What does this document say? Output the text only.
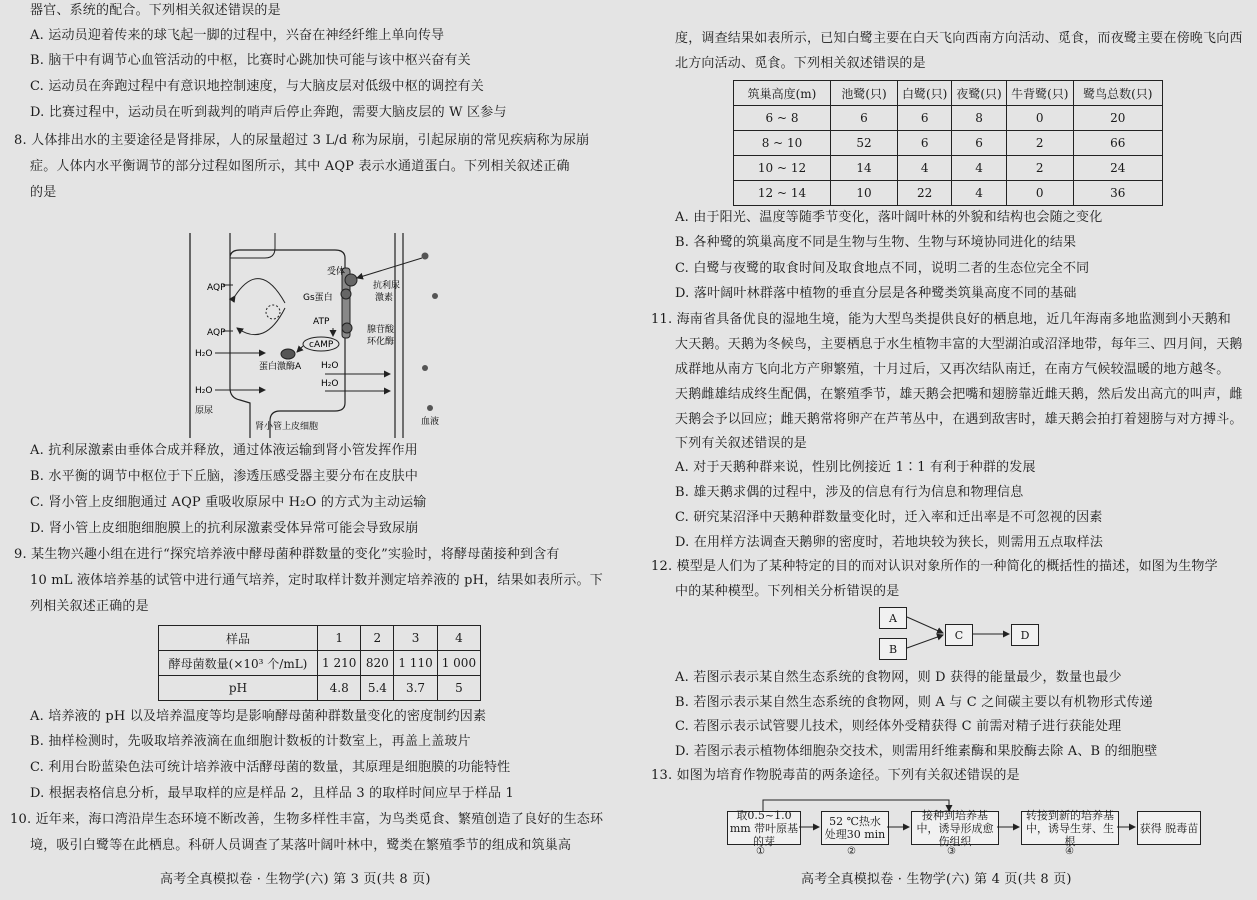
器官、系统的配合。下列相关叙述错误的是
A. 运动员迎着传来的球飞起一脚的过程中，兴奋在神经纤维上单向传导
B. 脑干中有调节心血管活动的中枢，比赛时心跳加快可能与该中枢兴奋有关
C. 运动员在奔跑过程中有意识地控制速度，与大脑皮层对低级中枢的调控有关
D. 比赛过程中，运动员在听到裁判的哨声后停止奔跑，需要大脑皮层的 W 区参与
8. 人体排出水的主要途径是肾排尿，人的尿量超过 3 L/d 称为尿崩，引起尿崩的常见疾病称为尿崩
症。人体内水平衡调节的部分过程如图所示，其中 AQP 表示水通道蛋白。下列相关叙述正确
的是
AQP
AQP
H₂O
H₂O
原尿
H₂O
H₂O
蛋白激酶A
cAMP
受体
Gs蛋白
ATP
腺苷酸
环化酶
抗利尿
激素
血液
肾小管上皮细胞
A. 抗利尿激素由垂体合成并释放，通过体液运输到肾小管发挥作用
B. 水平衡的调节中枢位于下丘脑，渗透压感受器主要分布在皮肤中
C. 肾小管上皮细胞通过 AQP 重吸收原尿中 H₂O 的方式为主动运输
D. 肾小管上皮细胞细胞膜上的抗利尿激素受体异常可能会导致尿崩
9. 某生物兴趣小组在进行“探究培养液中酵母菌种群数量的变化”实验时，将酵母菌接种到含有
10 mL 液体培养基的试管中进行通气培养，定时取样计数并测定培养液的 pH，结果如表所示。下
列相关叙述正确的是
样品	1	2	3	4
酵母菌数量(×10³ 个/mL)	1 210	820	1 110	1 000
pH	4.8	5.4	3.7	5
A. 培养液的 pH 以及培养温度等均是影响酵母菌种群数量变化的密度制约因素
B. 抽样检测时，先吸取培养液滴在血细胞计数板的计数室上，再盖上盖玻片
C. 利用台盼蓝染色法可统计培养液中活酵母菌的数量，其原理是细胞膜的功能特性
D. 根据表格信息分析，最早取样的应是样品 2，且样品 3 的取样时间应早于样品 1
10. 近年来，海口湾沿岸生态环境不断改善，生物多样性丰富，为鸟类觅食、繁殖创造了良好的生态环
境，吸引白鹭等在此栖息。科研人员调查了某落叶阔叶林中，鹭类在繁殖季节的组成和筑巢高
高考全真模拟卷 · 生物学(六) 第 3 页(共 8 页)
度，调查结果如表所示，已知白鹭主要在白天飞向西南方向活动、觅食，而夜鹭主要在傍晚飞向西
北方向活动、觅食。下列相关叙述错误的是
筑巢高度(m)	池鹭(只)	白鹭(只)	夜鹭(只)	牛背鹭(只)	鹭鸟总数(只)
6 ~ 8	6	6	8	0	20
8 ~ 10	52	6	6	2	66
10 ~ 12	14	4	4	2	24
12 ~ 14	10	22	4	0	36
A. 由于阳光、温度等随季节变化，落叶阔叶林的外貌和结构也会随之变化
B. 各种鹭的筑巢高度不同是生物与生物、生物与环境协同进化的结果
C. 白鹭与夜鹭的取食时间及取食地点不同，说明二者的生态位完全不同
D. 落叶阔叶林群落中植物的垂直分层是各种鹭类筑巢高度不同的基础
11. 海南省具备优良的湿地生境，能为大型鸟类提供良好的栖息地，近几年海南多地监测到小天鹅和
大天鹅。天鹅为冬候鸟，主要栖息于水生植物丰富的大型湖泊或沼泽地带，每年三、四月间，天鹅
成群地从南方飞向北方产卵繁殖，十月过后，又再次结队南迁，在南方气候较温暖的地方越冬。
天鹅雌雄结成终生配偶，在繁殖季节，雄天鹅会把嘴和翅膀靠近雌天鹅，然后发出高亢的叫声，雌
天鹅会予以回应；雌天鹅常将卵产在芦苇丛中，在遇到敌害时，雄天鹅会拍打着翅膀与对方搏斗。
下列有关叙述错误的是
A. 对于天鹅种群来说，性别比例接近 1∶1 有利于种群的发展
B. 雄天鹅求偶的过程中，涉及的信息有行为信息和物理信息
C. 研究某沼泽中天鹅种群数量变化时，迁入率和迁出率是不可忽视的因素
D. 在用样方法调查天鹅卵的密度时，若地块较为狭长，则需用五点取样法
12. 模型是人们为了某种特定的目的而对认识对象所作的一种简化的概括性的描述，如图为生物学
中的某种模型。下列相关分析错误的是
A
B
C	D
A. 若图示表示某自然生态系统的食物网，则 D 获得的能量最少，数量也最少
B. 若图示表示某自然生态系统的食物网，则 A 与 C 之间碳主要以有机物形式传递
C. 若图示表示试管婴儿技术，则经体外受精获得 C 前需对精子进行获能处理
D. 若图示表示植物体细胞杂交技术，则需用纤维素酶和果胶酶去除 A、B 的细胞壁
13. 如图为培育作物脱毒苗的两条途径。下列有关叙述错误的是
取0.5~1.0 mm 带叶原基的芽
52 ℃热水 处理30 min
接种到培养基中，诱导形成愈伤组织
转接到新的培养基中，诱导生芽、生根
获得 脱毒苗
①	②	③	④
高考全真模拟卷 · 生物学(六) 第 4 页(共 8 页)
